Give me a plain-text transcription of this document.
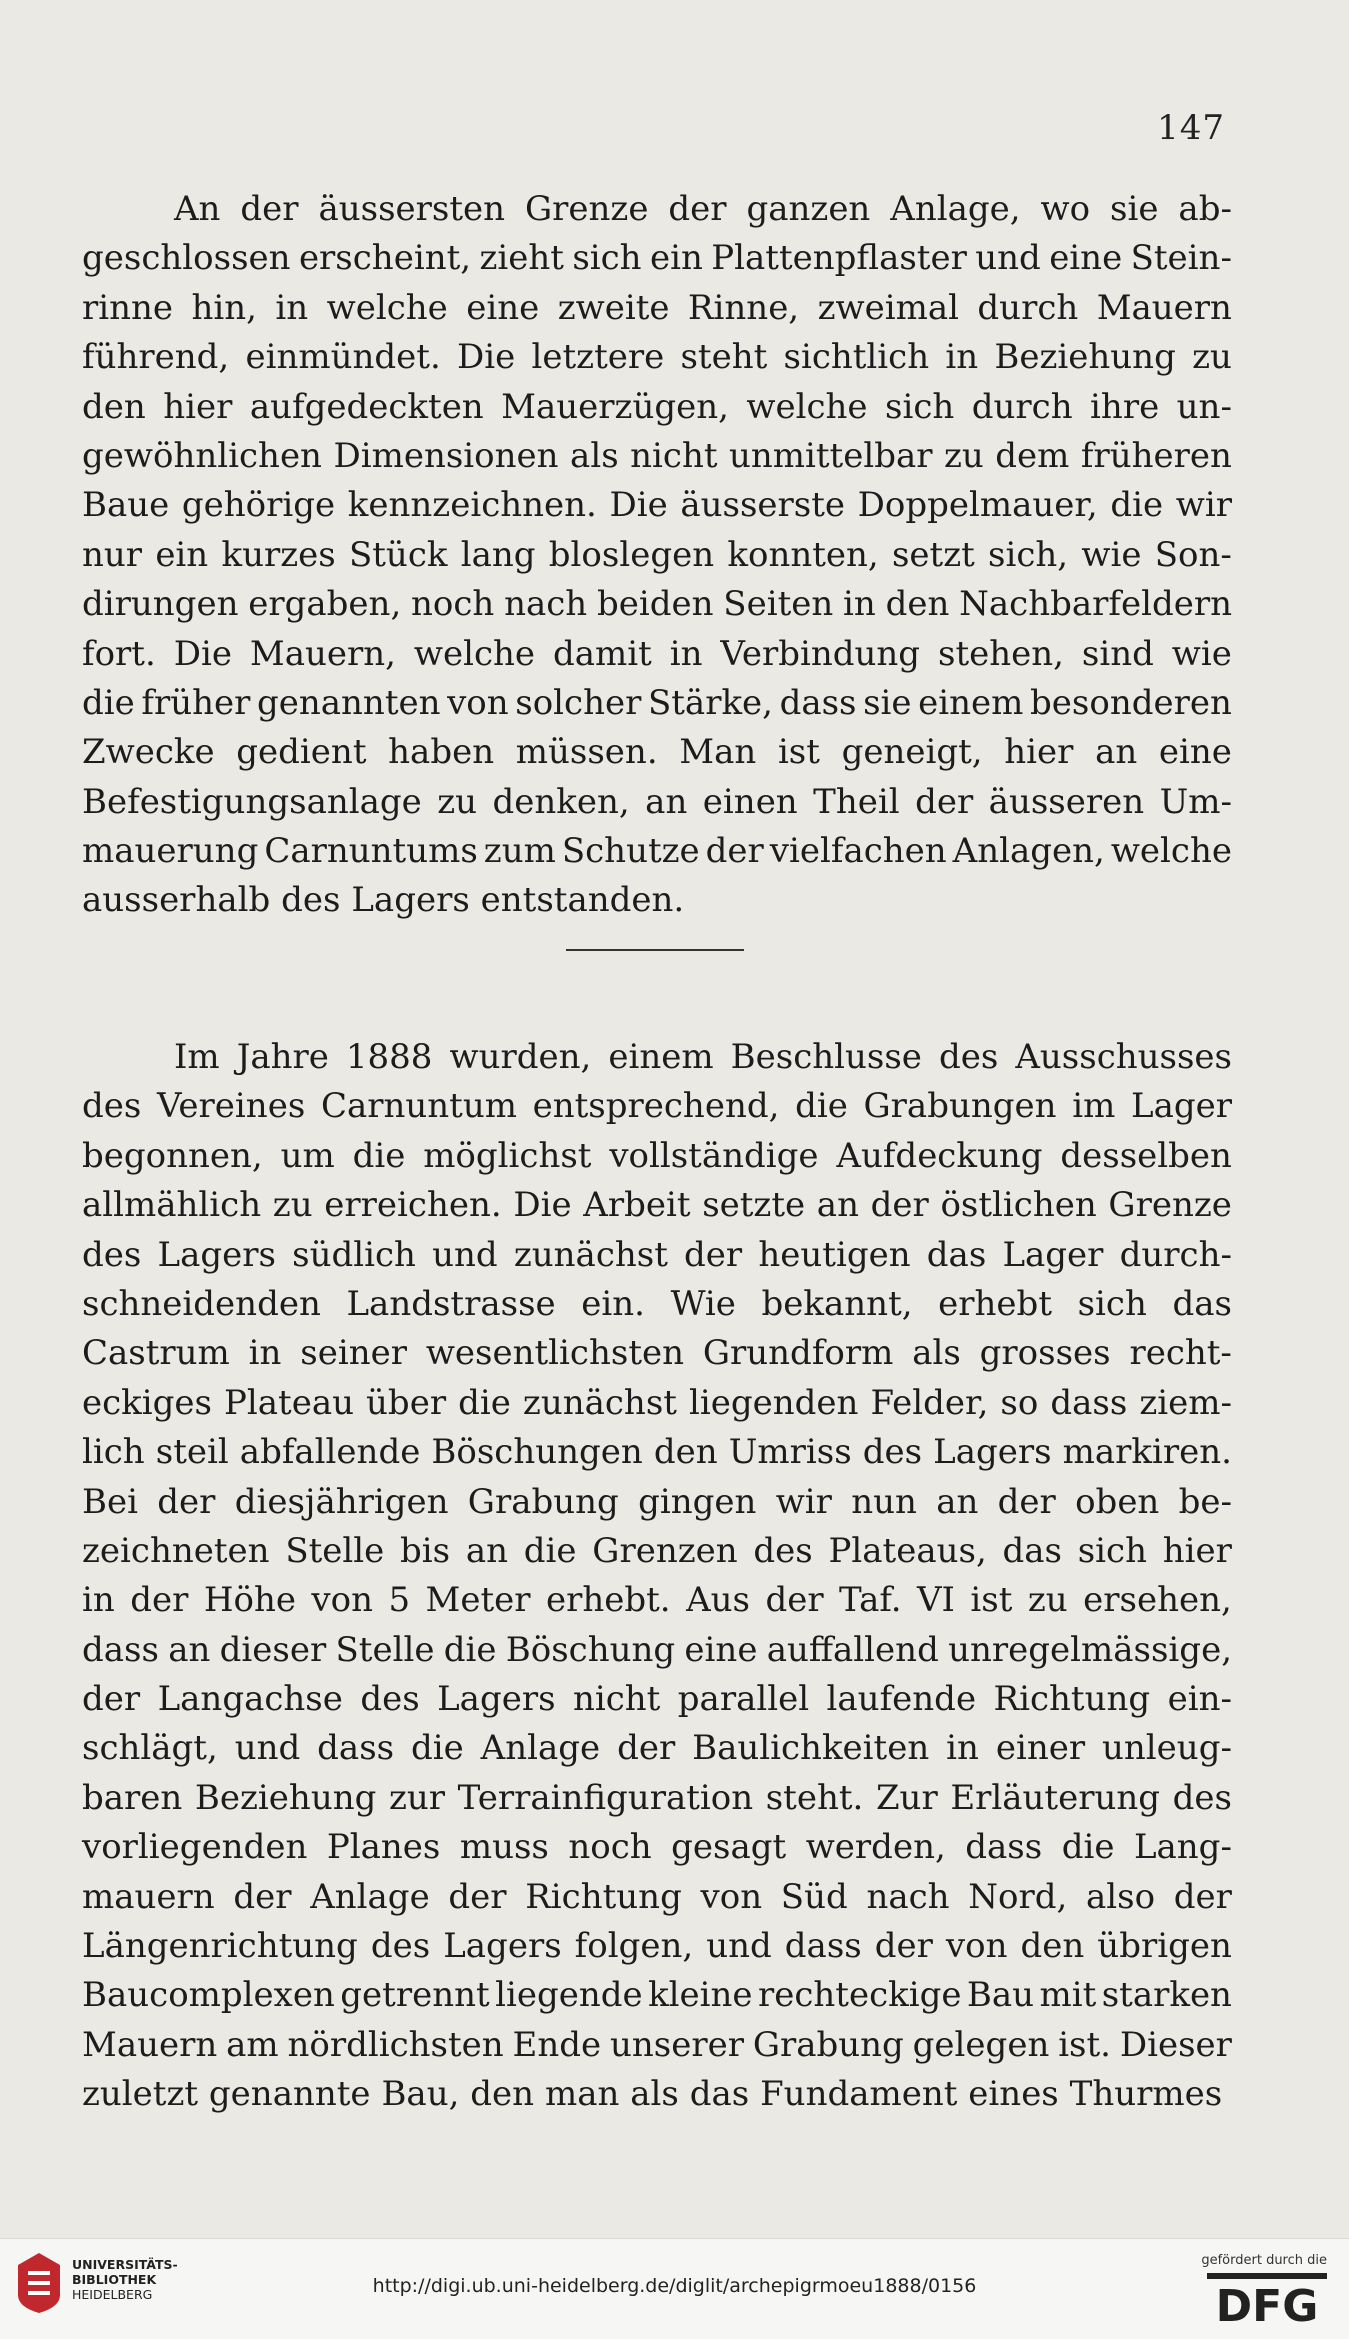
147
An der äussersten Grenze der ganzen Anlage, wo sie ab-
geschlossen erscheint, zieht sich ein Plattenpflaster und eine Stein-
rinne hin, in welche eine zweite Rinne, zweimal durch Mauern
führend, einmündet. Die letztere steht sichtlich in Beziehung zu
den hier aufgedeckten Mauerzügen, welche sich durch ihre un-
gewöhnlichen Dimensionen als nicht unmittelbar zu dem früheren
Baue gehörige kennzeichnen. Die äusserste Doppelmauer, die wir
nur ein kurzes Stück lang bloslegen konnten, setzt sich, wie Son-
dirungen ergaben, noch nach beiden Seiten in den Nachbarfeldern
fort. Die Mauern, welche damit in Verbindung stehen, sind wie
die früher genannten von solcher Stärke, dass sie einem besonderen
Zwecke gedient haben müssen. Man ist geneigt, hier an eine
Befestigungsanlage zu denken, an einen Theil der äusseren Um-
mauerung Carnuntums zum Schutze der vielfachen Anlagen, welche
ausserhalb des Lagers entstanden.
Im Jahre 1888 wurden, einem Beschlusse des Ausschusses
des Vereines Carnuntum entsprechend, die Grabungen im Lager
begonnen, um die möglichst vollständige Aufdeckung desselben
allmählich zu erreichen. Die Arbeit setzte an der östlichen Grenze
des Lagers südlich und zunächst der heutigen das Lager durch-
schneidenden Landstrasse ein. Wie bekannt, erhebt sich das
Castrum in seiner wesentlichsten Grundform als grosses recht-
eckiges Plateau über die zunächst liegenden Felder, so dass ziem-
lich steil abfallende Böschungen den Umriss des Lagers markiren.
Bei der diesjährigen Grabung gingen wir nun an der oben be-
zeichneten Stelle bis an die Grenzen des Plateaus, das sich hier
in der Höhe von 5 Meter erhebt. Aus der Taf. VI ist zu ersehen,
dass an dieser Stelle die Böschung eine auffallend unregelmässige,
der Langachse des Lagers nicht parallel laufende Richtung ein-
schlägt, und dass die Anlage der Baulichkeiten in einer unleug-
baren Beziehung zur Terrainfiguration steht. Zur Erläuterung des
vorliegenden Planes muss noch gesagt werden, dass die Lang-
mauern der Anlage der Richtung von Süd nach Nord, also der
Längenrichtung des Lagers folgen, und dass der von den übrigen
Baucomplexen getrennt liegende kleine rechteckige Bau mit starken
Mauern am nördlichsten Ende unserer Grabung gelegen ist. Dieser
zuletzt genannte Bau, den man als das Fundament eines Thurmes
UNIVERSITÄTS-
BIBLIOTHEK
HEIDELBERG	http://digi.ub.uni-heidelberg.de/diglit/archepigrmoeu1888/0156
gefördert durch die
DFG
